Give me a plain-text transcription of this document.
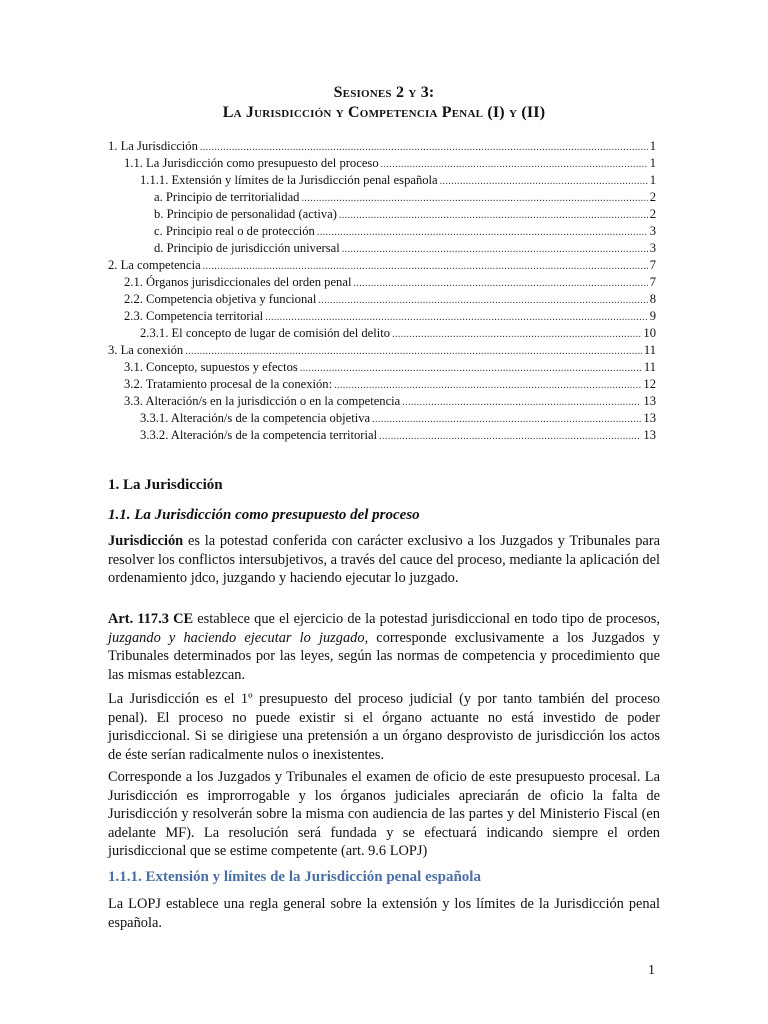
Sesiones 2 y 3:
La Jurisdicción y Competencia Penal (I) y (II)
1. La Jurisdicción .....	1
1.1. La Jurisdicción como presupuesto del proceso .....	1
1.1.1. Extensión y límites de la Jurisdicción penal española .....	1
a. Principio de territorialidad .....	2
b. Principio de personalidad (activa) .....	2
c. Principio real o de protección .....	3
d. Principio de jurisdicción universal .....	3
2. La competencia .....	7
2.1. Órganos jurisdiccionales del orden penal .....	7
2.2. Competencia objetiva y funcional .....	8
2.3. Competencia territorial .....	9
2.3.1. El concepto de lugar de comisión del delito .....	10
3. La conexión .....	11
3.1. Concepto, supuestos y efectos .....	11
3.2. Tratamiento procesal de la conexión: .....	12
3.3. Alteración/s en la jurisdicción o en la competencia .....	13
3.3.1. Alteración/s de la competencia objetiva .....	13
3.3.2. Alteración/s de la competencia territorial .....	13
1. La Jurisdicción
1.1. La Jurisdicción como presupuesto del proceso
Jurisdicción es la potestad conferida con carácter exclusivo a los Juzgados y Tribunales para resolver los conflictos intersubjetivos, a través del cauce del proceso, mediante la aplicación del ordenamiento jdco, juzgando y haciendo ejecutar lo juzgado.
Art. 117.3 CE establece que el ejercicio de la potestad jurisdiccional en todo tipo de procesos, juzgando y haciendo ejecutar lo juzgado, corresponde exclusivamente a los Juzgados y Tribunales determinados por las leyes, según las normas de competencia y procedimiento que las mismas establezcan.
La Jurisdicción es el 1º presupuesto del proceso judicial (y por tanto también del proceso penal). El proceso no puede existir si el órgano actuante no está investido de poder jurisdiccional. Si se dirigiese una pretensión a un órgano desprovisto de jurisdicción los actos de éste serían radicalmente nulos o inexistentes.
Corresponde a los Juzgados y Tribunales el examen de oficio de este presupuesto procesal. La Jurisdicción es improrrogable y los órganos judiciales apreciarán de oficio la falta de Jurisdicción y resolverán sobre la misma con audiencia de las partes y del Ministerio Fiscal (en adelante MF). La resolución será fundada y se efectuará indicando siempre el orden jurisdiccional que se estime competente (art. 9.6 LOPJ)
1.1.1. Extensión y límites de la Jurisdicción penal española
La LOPJ establece una regla general sobre la extensión y los límites de la Jurisdicción penal española.
1
